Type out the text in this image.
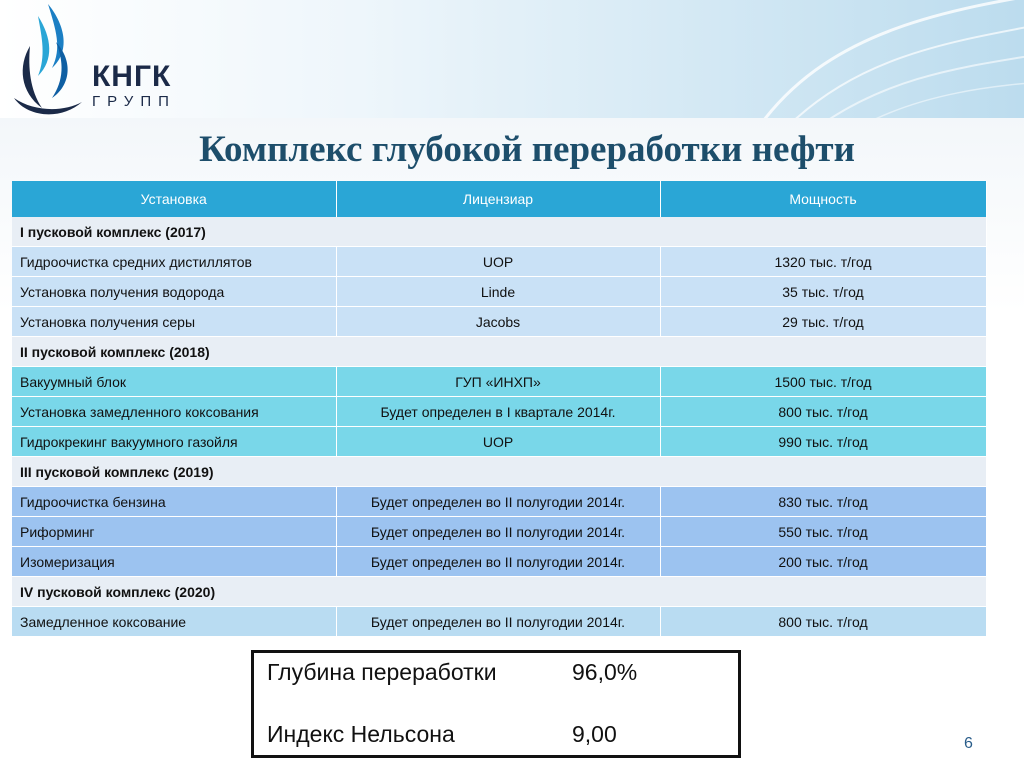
КНГК
ГРУПП
Комплекс глубокой переработки нефти
Установка	Лицензиар	Мощность
I пусковой комплекс (2017)		
Гидроочистка средних дистиллятов	UOP	1320 тыс. т/год
Установка получения водорода	Linde	35 тыс. т/год
Установка получения серы	Jacobs	29 тыс. т/год
II пусковой комплекс (2018)		
Вакуумный блок	ГУП «ИНХП»	1500 тыс. т/год
Установка замедленного коксования	Будет определен в I квартале 2014г.	800 тыс. т/год
Гидрокрекинг вакуумного газойля	UOP	990 тыс. т/год
III пусковой комплекс (2019)		
Гидроочистка бензина	Будет определен во II полугодии 2014г.	830 тыс. т/год
Риформинг	Будет определен во II полугодии 2014г.	550 тыс. т/год
Изомеризация	Будет определен во II полугодии 2014г.	200 тыс. т/год
IV пусковой комплекс (2020)		
Замедленное коксование	Будет определен во II полугодии 2014г.	800 тыс. т/год
Глубина переработки	96,0%
Индекс Нельсона	9,00	6
